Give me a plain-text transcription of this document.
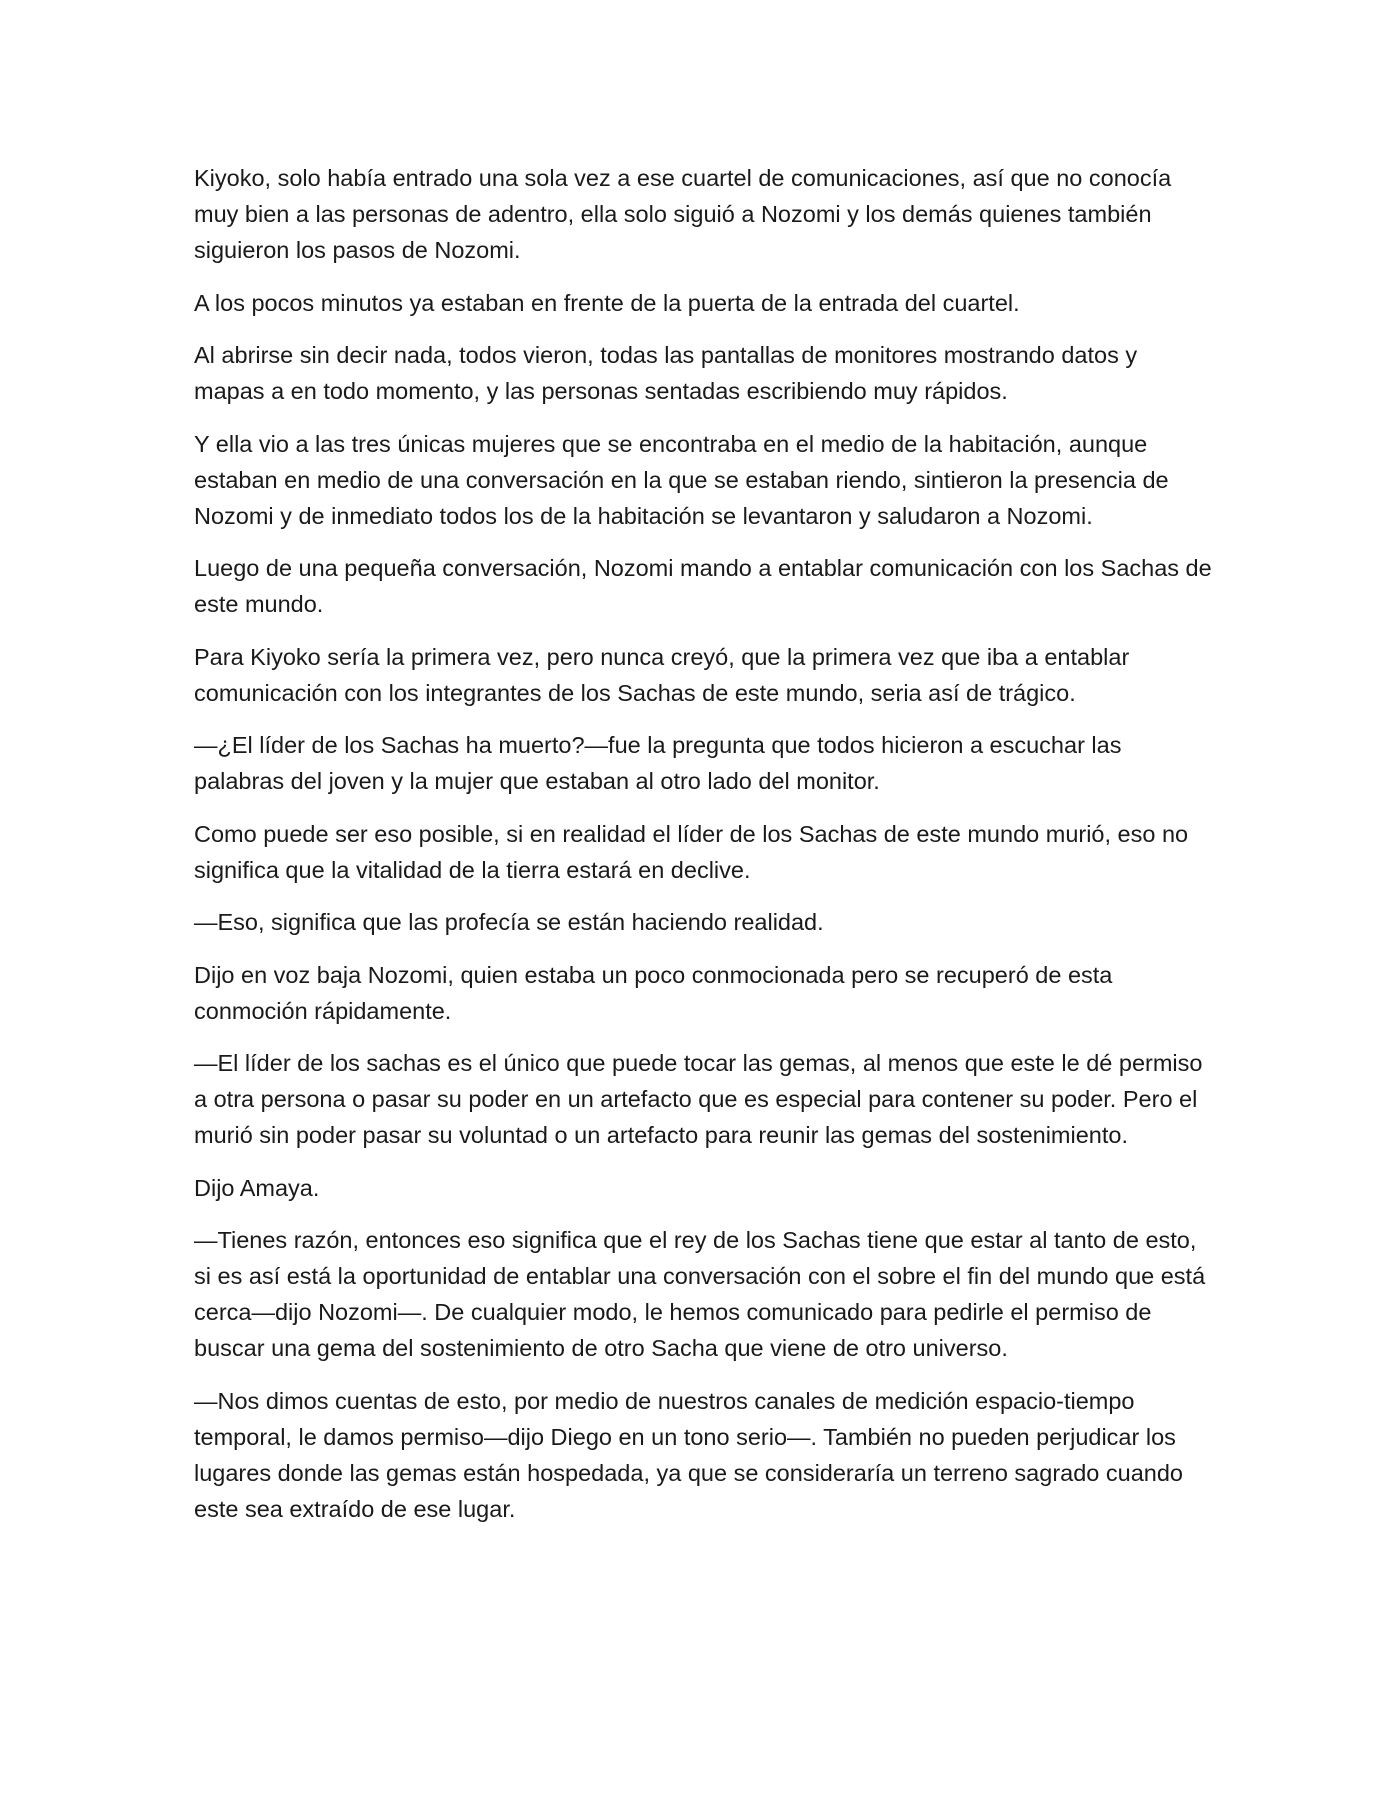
Kiyoko, solo había entrado una sola vez a ese cuartel de comunicaciones, así que no conocía muy bien a las personas de adentro, ella solo siguió a Nozomi y los demás quienes también siguieron los pasos de Nozomi.

A los pocos minutos ya estaban en frente de la puerta de la entrada del cuartel.

Al abrirse sin decir nada, todos vieron, todas las pantallas de monitores mostrando datos y mapas a en todo momento, y las personas sentadas escribiendo muy rápidos.

Y ella vio a las tres únicas mujeres que se encontraba en el medio de la habitación, aunque estaban en medio de una conversación en la que se estaban riendo, sintieron la presencia de Nozomi y de inmediato todos los de la habitación se levantaron y saludaron a Nozomi.

Luego de una pequeña conversación, Nozomi mando a entablar comunicación con los Sachas de este mundo.

Para Kiyoko sería la primera vez, pero nunca creyó, que la primera vez que iba a entablar comunicación con los integrantes de los Sachas de este mundo, seria así de trágico.

—¿El líder de los Sachas ha muerto?—fue la pregunta que todos hicieron a escuchar las palabras del joven y la mujer que estaban al otro lado del monitor.

Como puede ser eso posible, si en realidad el líder de los Sachas de este mundo murió, eso no significa que la vitalidad de la tierra estará en declive.

—Eso, significa que las profecía se están haciendo realidad.

Dijo en voz baja Nozomi, quien estaba un poco conmocionada pero se recuperó de esta conmoción rápidamente.

—El líder de los sachas es el único que puede tocar las gemas, al menos que este le dé permiso a otra persona o pasar su poder en un artefacto que es especial para contener su poder. Pero el murió sin poder pasar su voluntad o un artefacto para reunir las gemas del sostenimiento.

Dijo Amaya.

—Tienes razón, entonces eso significa que el rey de los Sachas tiene que estar al tanto de esto, si es así está la oportunidad de entablar una conversación con el sobre el fin del mundo que está cerca—dijo Nozomi—. De cualquier modo, le hemos comunicado para pedirle el permiso de buscar una gema del sostenimiento de otro Sacha que viene de otro universo.

—Nos dimos cuentas de esto, por medio de nuestros canales de medición espacio-tiempo temporal, le damos permiso—dijo Diego en un tono serio—. También no pueden perjudicar los lugares donde las gemas están hospedada, ya que se consideraría un terreno sagrado cuando este sea extraído de ese lugar.
